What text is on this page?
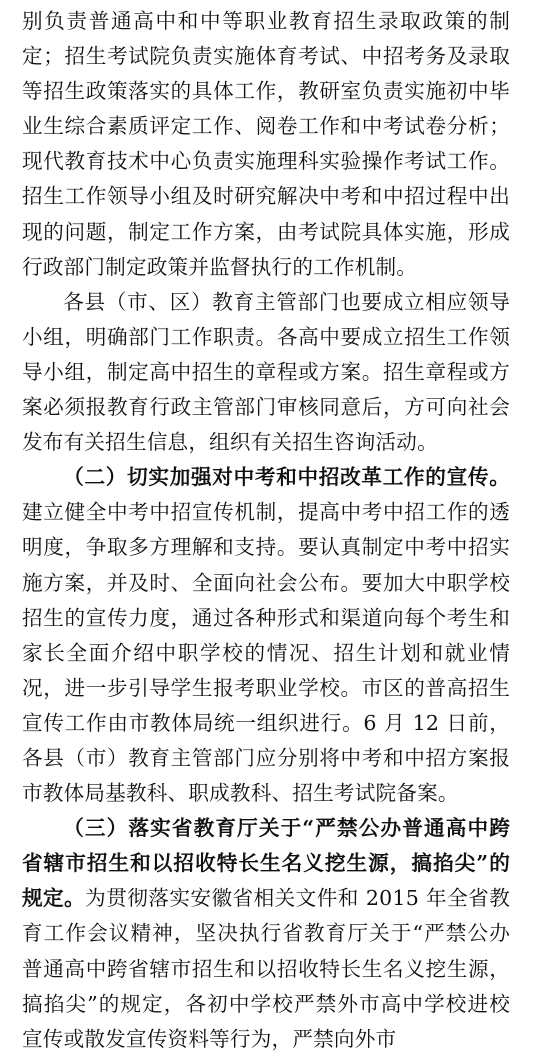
别负责普通高中和中等职业教育招生录取政策的制定；招生考试院负责实施体育考试、中招考务及录取等招生政策落实的具体工作，教研室负责实施初中毕业生综合素质评定工作、阅卷工作和中考试卷分析；现代教育技术中心负责实施理科实验操作考试工作。招生工作领导小组及时研究解决中考和中招过程中出现的问题，制定工作方案，由考试院具体实施，形成行政部门制定政策并监督执行的工作机制。

各县（市、区）教育主管部门也要成立相应领导小组，明确部门工作职责。各高中要成立招生工作领导小组，制定高中招生的章程或方案。招生章程或方案必须报教育行政主管部门审核同意后，方可向社会发布有关招生信息，组织有关招生咨询活动。

（二）切实加强对中考和中招改革工作的宣传。建立健全中考中招宣传机制，提高中考中招工作的透明度，争取多方理解和支持。要认真制定中考中招实施方案，并及时、全面向社会公布。要加大中职学校招生的宣传力度，通过各种形式和渠道向每个考生和家长全面介绍中职学校的情况、招生计划和就业情况，进一步引导学生报考职业学校。市区的普高招生宣传工作由市教体局统一组织进行。6 月 12 日前，各县（市）教育主管部门应分别将中考和中招方案报市教体局基教科、职成教科、招生考试院备案。

（三）落实省教育厅关于“严禁公办普通高中跨省辖市招生和以招收特长生名义挖生源，搞掐尖”的规定。为贯彻落实安徽省相关文件和 2015 年全省教育工作会议精神，坚决执行省教育厅关于“严禁公办普通高中跨省辖市招生和以招收特长生名义挖生源，搞掐尖”的规定，各初中学校严禁外市高中学校进校宣传或散发宣传资料等行为，严禁向外市
